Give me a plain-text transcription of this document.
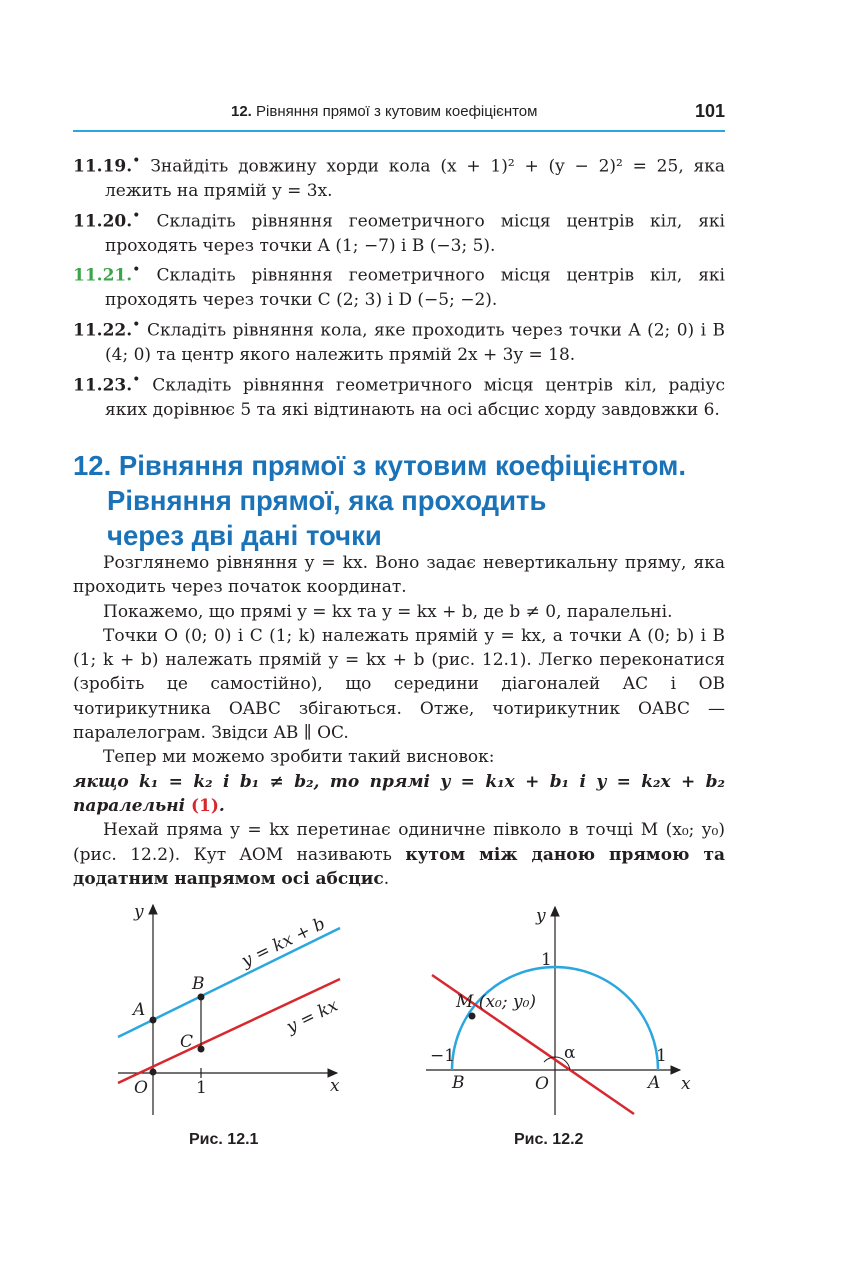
12. Рівняння прямої з кутовим коефіцієнтом	101

11.19.• Знайдіть довжину хорди кола (x + 1)² + (y − 2)² = 25, яка лежить на прямій y = 3x.

11.20.• Складіть рівняння геометричного місця центрів кіл, які проходять через точки A (1; −7) і B (−3; 5).

11.21.• Складіть рівняння геометричного місця центрів кіл, які проходять через точки C (2; 3) і D (−5; −2).

11.22.• Складіть рівняння кола, яке проходить через точки A (2; 0) і B (4; 0) та центр якого належить прямій 2x + 3y = 18.

11.23.• Складіть рівняння геометричного місця центрів кіл, радіус яких дорівнює 5 та які відтинають на осі абсцис хорду завдовжки 6.

12. Рівняння прямої з кутовим коефіцієнтом.
Рівняння прямої, яка проходить
через дві дані точки

Розглянемо рівняння y = kx. Воно задає невертикальну пряму, яка проходить через початок координат.

Покажемо, що прямі y = kx та y = kx + b, де b ≠ 0, паралельні.

Точки O (0; 0) і C (1; k) належать прямій y = kx, а точки A (0; b) і B (1; k + b) належать прямій y = kx + b (рис. 12.1). Легко переконатися (зробіть це самостійно), що середини діагоналей AC і OB чотирикутника OABC збігаються. Отже, чотирикутник OABC — паралелограм. Звідси AB ∥ OC.

Тепер ми можемо зробити такий висновок:

якщо k₁ = k₂ і b₁ ≠ b₂, то прямі y = k₁x + b₁ і y = k₂x + b₂ паралельні (1).

Нехай пряма y = kx перетинає одиничне півколо в точці M (x₀; y₀) (рис. 12.2). Кут AOM називають кутом між даною прямою та додатним напрямом осі абсцис.

y
x
O	1
A
B
C
y = kx + b
y = kx
Рис. 12.1
y
x
O	A
B
1
1
−1	α
M (x₀; y₀)
Рис. 12.2
